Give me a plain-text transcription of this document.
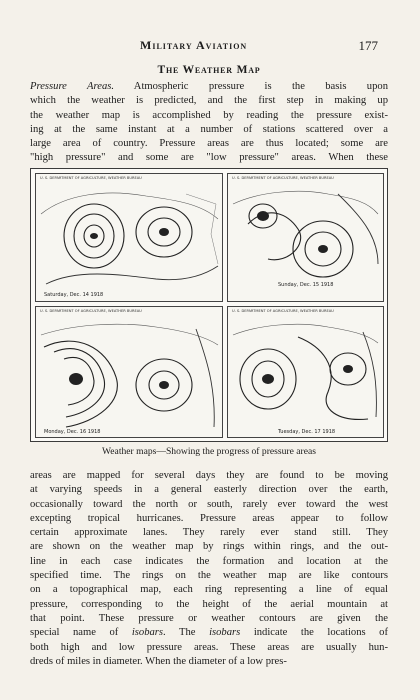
Military Aviation	177
The Weather Map
Pressure Areas. Atmospheric pressure is the basis upon
which the weather is predicted, and the first step in making up
the weather map is accomplished by reading the pressure exist-
ing at the same instant at a number of stations scattered over a
large area of country. Pressure areas are thus located; some are
"high pressure" and some are "low pressure" areas. When these
Saturday, Dec. 14 1918
U. S. DEPARTMENT OF AGRICULTURE, WEATHER BUREAU
Sunday, Dec. 15 1918
U. S. DEPARTMENT OF AGRICULTURE, WEATHER BUREAU
Monday, Dec. 16 1918
U. S. DEPARTMENT OF AGRICULTURE, WEATHER BUREAU
Tuesday, Dec. 17 1918
U. S. DEPARTMENT OF AGRICULTURE, WEATHER BUREAU
Weather maps—Showing the progress of pressure areas
areas are mapped for several days they are found to be moving
at varying speeds in a general easterly direction over the earth,
occasionally toward the north or south, rarely ever toward the west
excepting tropical hurricanes. Pressure areas appear to follow
certain approximate lanes. They rarely ever stand still. They
are shown on the weather map by rings within rings, and the out-
line in each case indicates the formation and location at the
specified time. The rings on the weather map are like contours
on a topographical map, each ring representing a line of equal
pressure, corresponding to the height of the aerial mountain at
that point. These pressure or weather contours are given the
special name of isobars. The isobars indicate the locations of
both high and low pressure areas. These areas are usually hun-
dreds of miles in diameter. When the diameter of a low pres-
